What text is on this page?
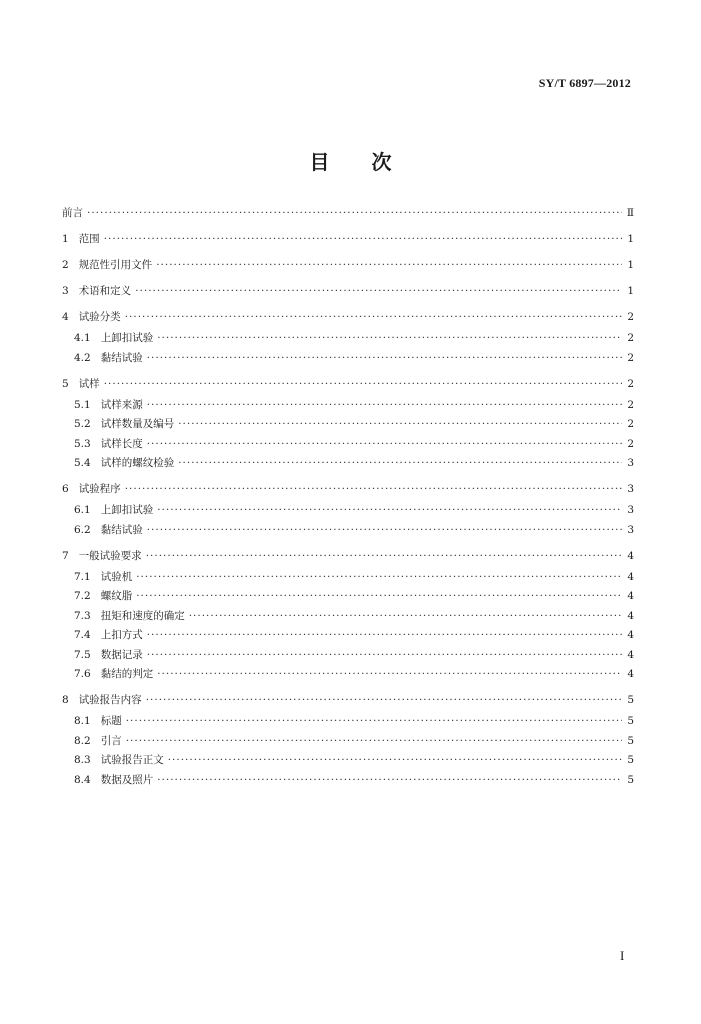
SY/T 6897—2012
目 次
前言 ·····	Ⅱ
1 范围 ·····	1
2 规范性引用文件 ·····	1
3 术语和定义 ·····	1
4 试验分类 ·····	2
4.1 上卸扣试验 ·····	2
4.2 黏结试验 ·····	2
5 试样 ·····	2
5.1 试样来源 ·····	2
5.2 试样数量及编号 ·····	2
5.3 试样长度 ·····	2
5.4 试样的螺纹检验 ·····	3
6 试验程序 ·····	3
6.1 上卸扣试验 ·····	3
6.2 黏结试验 ·····	3
7 一般试验要求 ·····	4
7.1 试验机 ·····	4
7.2 螺纹脂 ·····	4
7.3 扭矩和速度的确定 ·····	4
7.4 上扣方式 ·····	4
7.5 数据记录 ·····	4
7.6 黏结的判定 ·····	4
8 试验报告内容 ·····	5
8.1 标题 ·····	5
8.2 引言 ·····	5
8.3 试验报告正文 ·····	5
8.4 数据及照片 ·····	5
I
